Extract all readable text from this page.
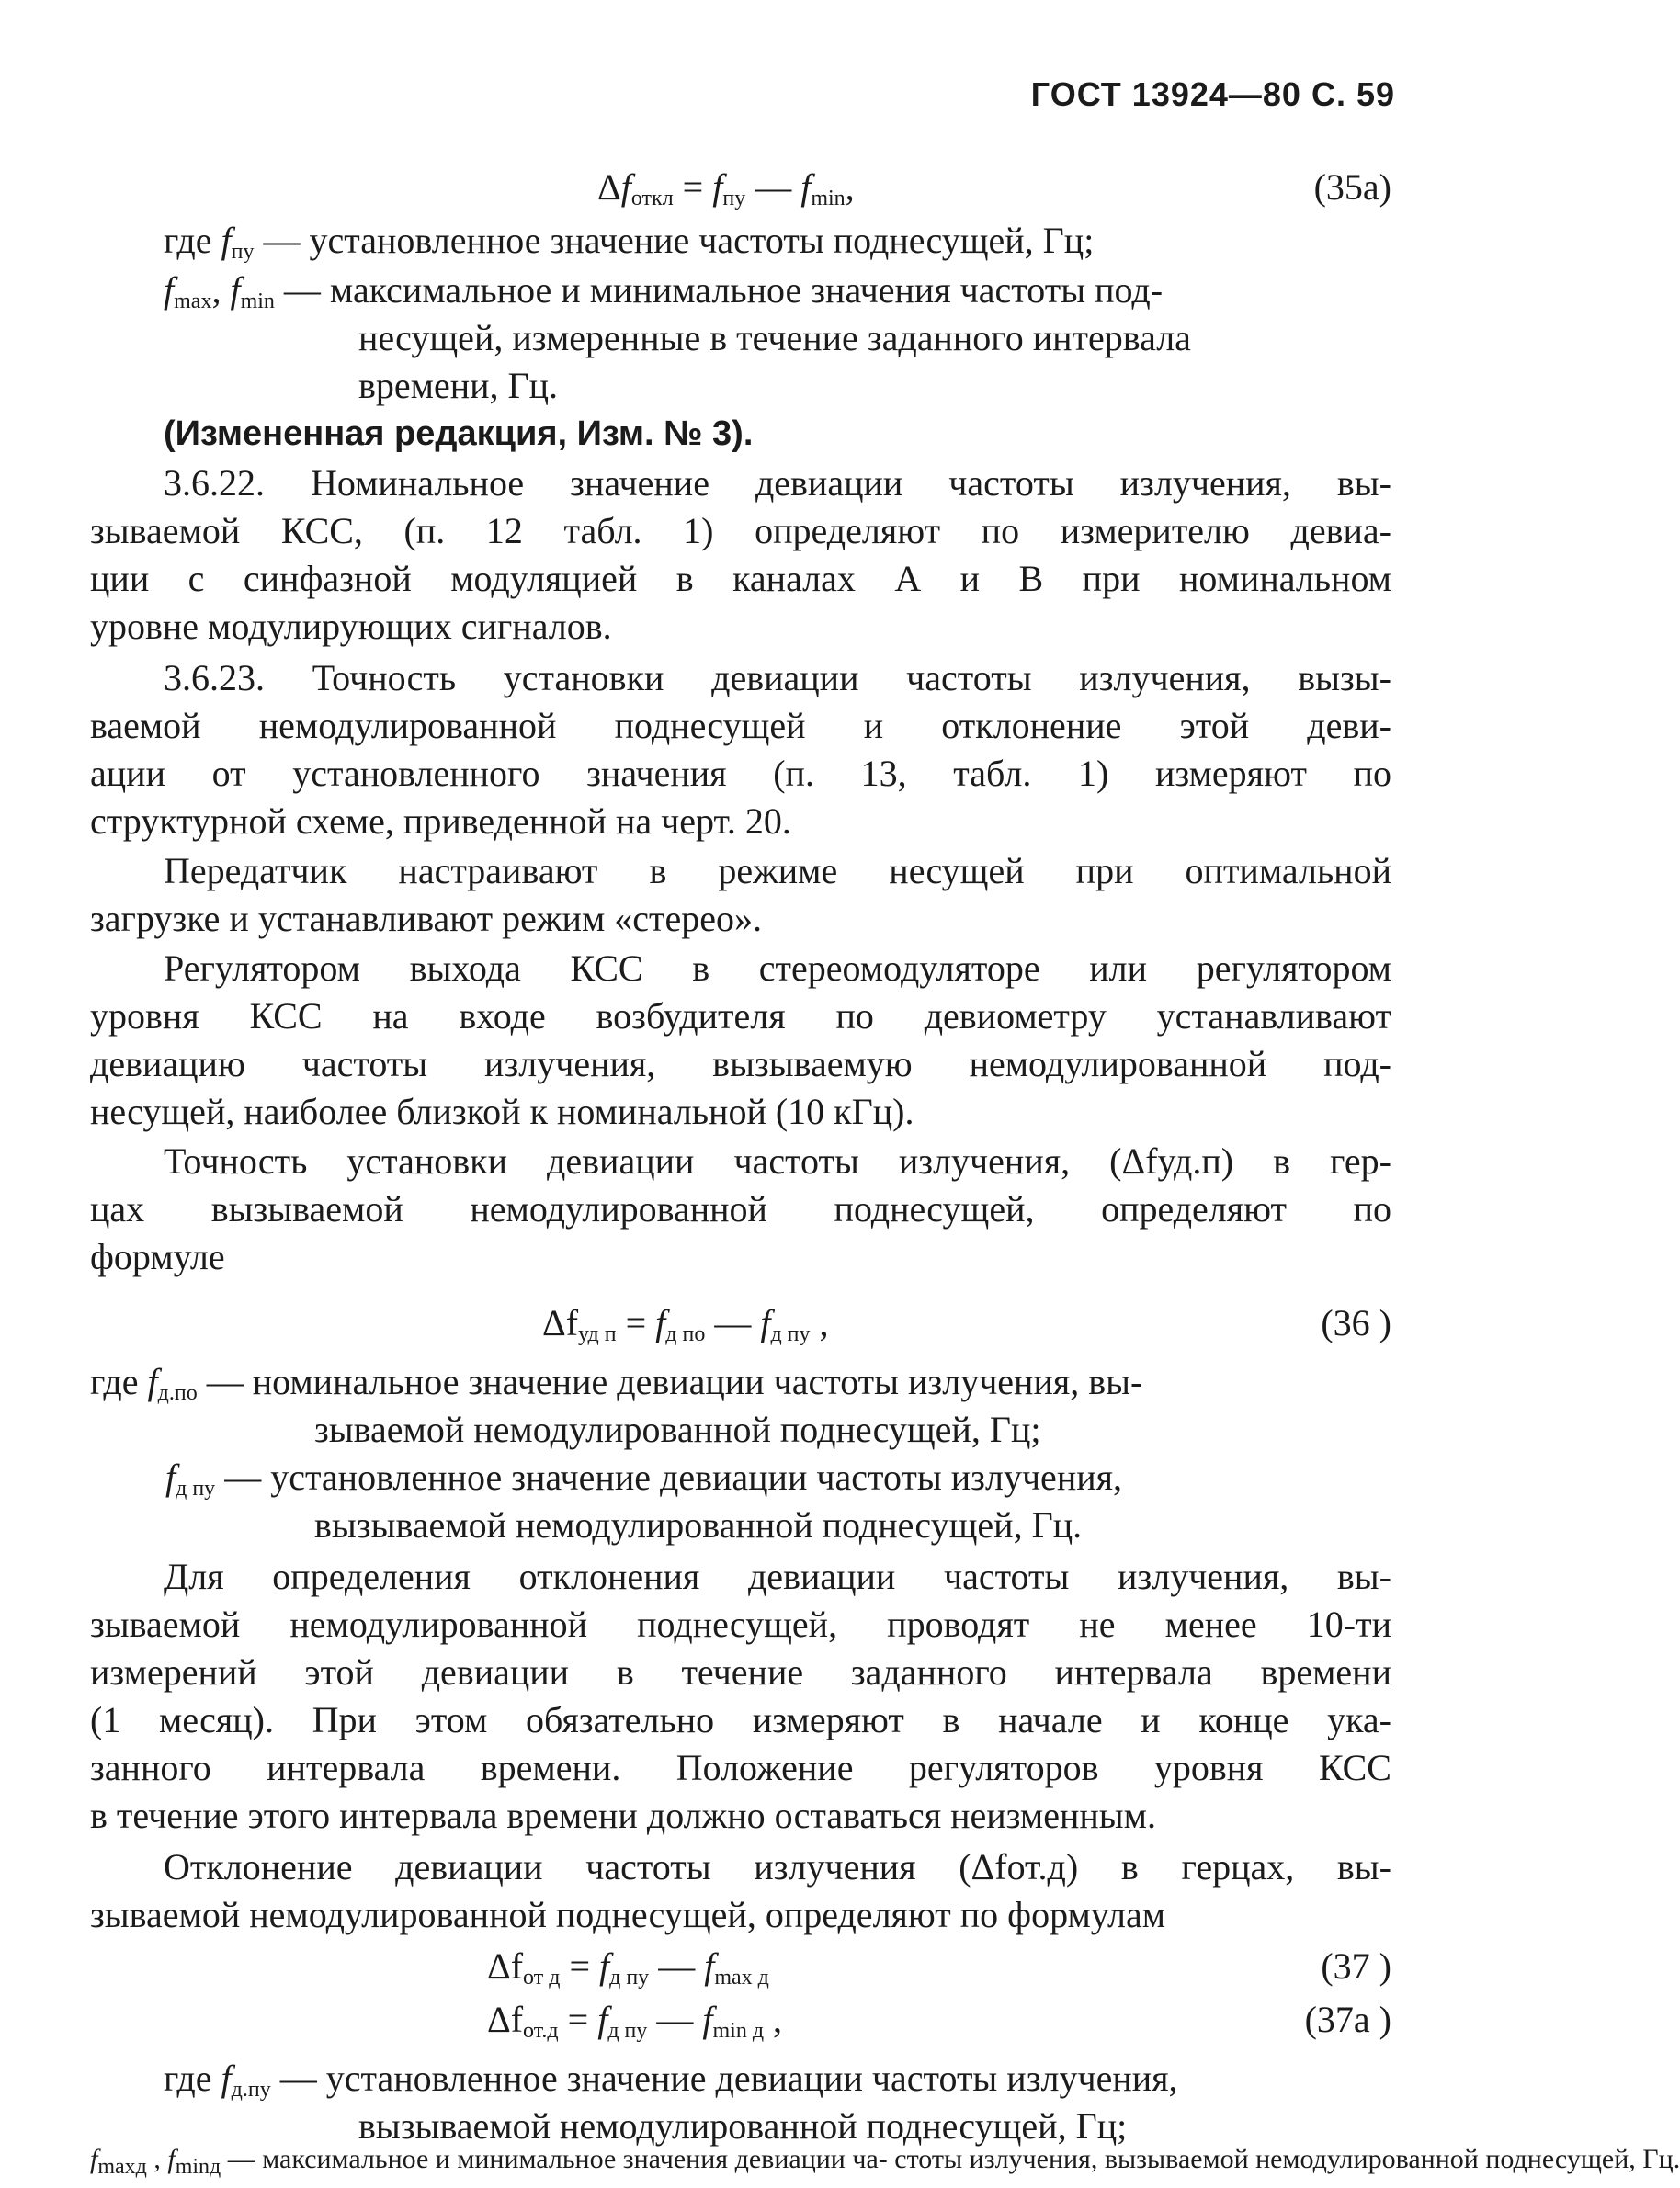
ГОСТ 13924—80 С. 59
$\Delta f_{откл} = f_{пу}$ — $f_{min}$,	(35а)
где $f_{пу}$ — установленное значение частоты поднесущей, Гц;
$f_{max}$, $f_{min}$ — максимальное и минимальное значения частоты под-
несущей, измеренные в течение заданного интервала
времени, Гц.
(Измененная редакция, Изм. № 3).
3.6.22. Номинальное значение девиации частоты излучения, вы-
зываемой КСС, (п. 12 табл. 1) определяют по измерителю девиа-
ции с синфазной модуляцией в каналах А и В при номинальном
уровне модулирующих сигналов.
3.6.23. Точность установки девиации частоты излучения, вызы-
ваемой немодулированной поднесущей и отклонение этой деви-
ации от установленного значения (п. 13, табл. 1) измеряют по
структурной схеме, приведенной на черт. 20.
Передатчик настраивают в режиме несущей при оптимальной
загрузке и устанавливают режим «стерео».
Регулятором выхода КСС в стереомодуляторе или регулятором
уровня КСС на входе возбудителя по девиометру устанавливают
девиацию частоты излучения, вызываемую немодулированной под-
несущей, наиболее близкой к номинальной (10 кГц).
Точность установки девиации частоты излучения, (Δfуд.п) в гер-
цах вызываемой немодулированной поднесущей, определяют по
формуле
$\Delta f_{уд п} = f_{д по}$ — $f_{д пу}$ ,	(36 )
где $f_{д.по}$ — номинальное значение девиации частоты излучения, вы-
зываемой немодулированной поднесущей, Гц;
$f_{д пу}$ — установленное значение девиации частоты излучения,
вызываемой немодулированной поднесущей, Гц.
Для определения отклонения девиации частоты излучения, вы-
зываемой немодулированной поднесущей, проводят не менее 10-ти
измерений этой девиации в течение заданного интервала времени
(1 месяц). При этом обязательно измеряют в начале и конце ука-
занного интервала времени. Положение регуляторов уровня КСС
в течение этого интервала времени должно оставаться неизменным.
Отклонение девиации частоты излучения (Δfот.д) в герцах, вы-
зываемой немодулированной поднесущей, определяют по формулам
$\Delta f_{от д} = f_{д пу}$ — $f_{max д}$	(37 )
$\Delta f_{от.д} = f_{д пу}$ — $f_{min д}$ ,	(37а )
где $f_{д.пу}$ — установленное значение девиации частоты излучения,
вызываемой немодулированной поднесущей, Гц;
$f_{maxд}$ , $f_{minд}$ — максимальное и минимальное значения девиации ча- стоты излучения, вызываемой немодулированной поднесущей, Гц.
